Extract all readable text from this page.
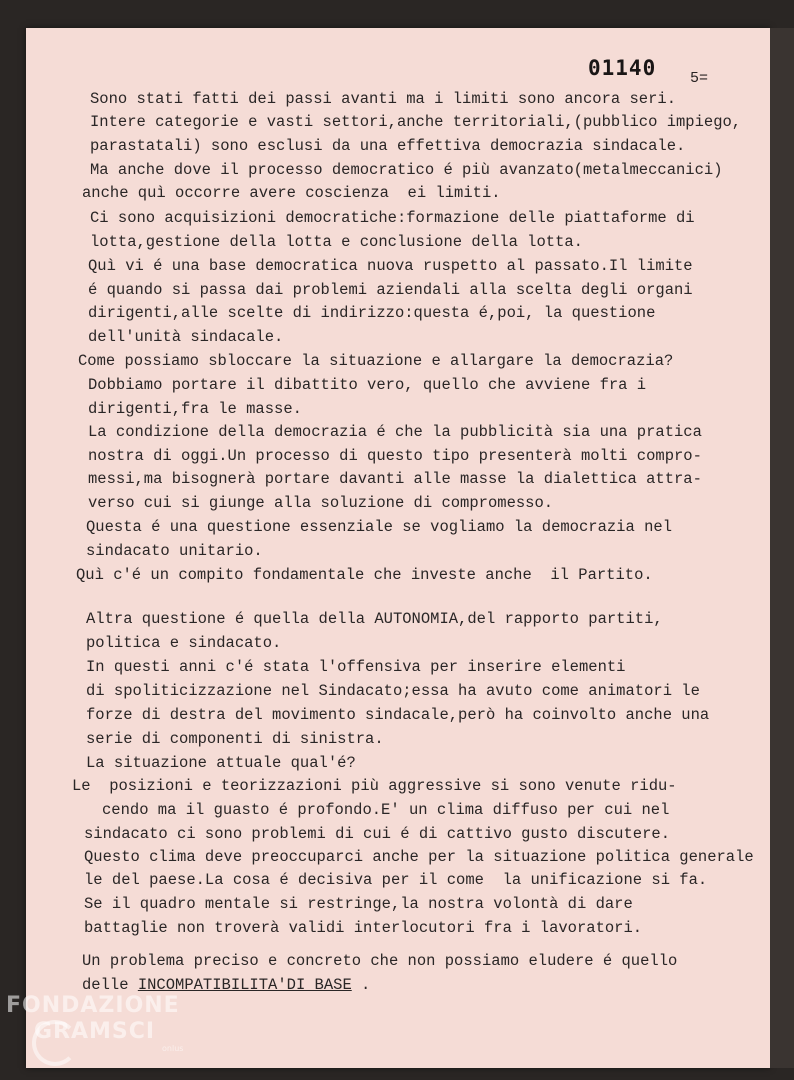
01140 5=
Sono stati fatti dei passi avanti ma i limiti sono ancora seri.
Intere categorie e vasti settori,anche territoriali,(pubblico impiego,
parastatali) sono esclusi da una effettiva democrazia sindacale.
Ma anche dove il processo democratico é più avanzato(metalmeccanici)
anche quì occorre avere coscienza  ei limiti.
Ci sono acquisizioni democratiche:formazione delle piattaforme di
lotta,gestione della lotta e conclusione della lotta.
Quì vi é una base democratica nuova ruspetto al passato.Il limite
é quando si passa dai problemi aziendali alla scelta degli organi
dirigenti,alle scelte di indirizzo:questa é,poi, la questione
dell'unità sindacale.
Come possiamo sbloccare la situazione e allargare la democrazia?
Dobbiamo portare il dibattito vero, quello che avviene fra i
dirigenti,fra le masse.
La condizione della democrazia é che la pubblicità sia una pratica
nostra di oggi.Un processo di questo tipo presenterà molti compro-
messi,ma bisognerà portare davanti alle masse la dialettica attra-
verso cui si giunge alla soluzione di compromesso.
Questa é una questione essenziale se vogliamo la democrazia nel
sindacato unitario.
Quì c'é un compito fondamentale che investe anche  il Partito.
Altra questione é quella della AUTONOMIA,del rapporto partiti,
politica e sindacato.
In questi anni c'é stata l'offensiva per inserire elementi
di spoliticizzazione nel Sindacato;essa ha avuto come animatori le
forze di destra del movimento sindacale,però ha coinvolto anche una
serie di componenti di sinistra.
La situazione attuale qual'é?
Le  posizioni e teorizzazioni più aggressive si sono venute ridu-
cendo ma il guasto é profondo.E' un clima diffuso per cui nel
sindacato ci sono problemi di cui é di cattivo gusto discutere.
Questo clima deve preoccuparci anche per la situazione politica generale
le del paese.La cosa é decisiva per il come  la unificazione si fa.
Se il quadro mentale si restringe,la nostra volontà di dare
battaglie non troverà validi interlocutori fra i lavoratori.
Un problema preciso e concreto che non possiamo eludere é quello
delle INCOMPATIBILITA'DI BASE .
FONDAZIONE
GRAMSCI
onlus
